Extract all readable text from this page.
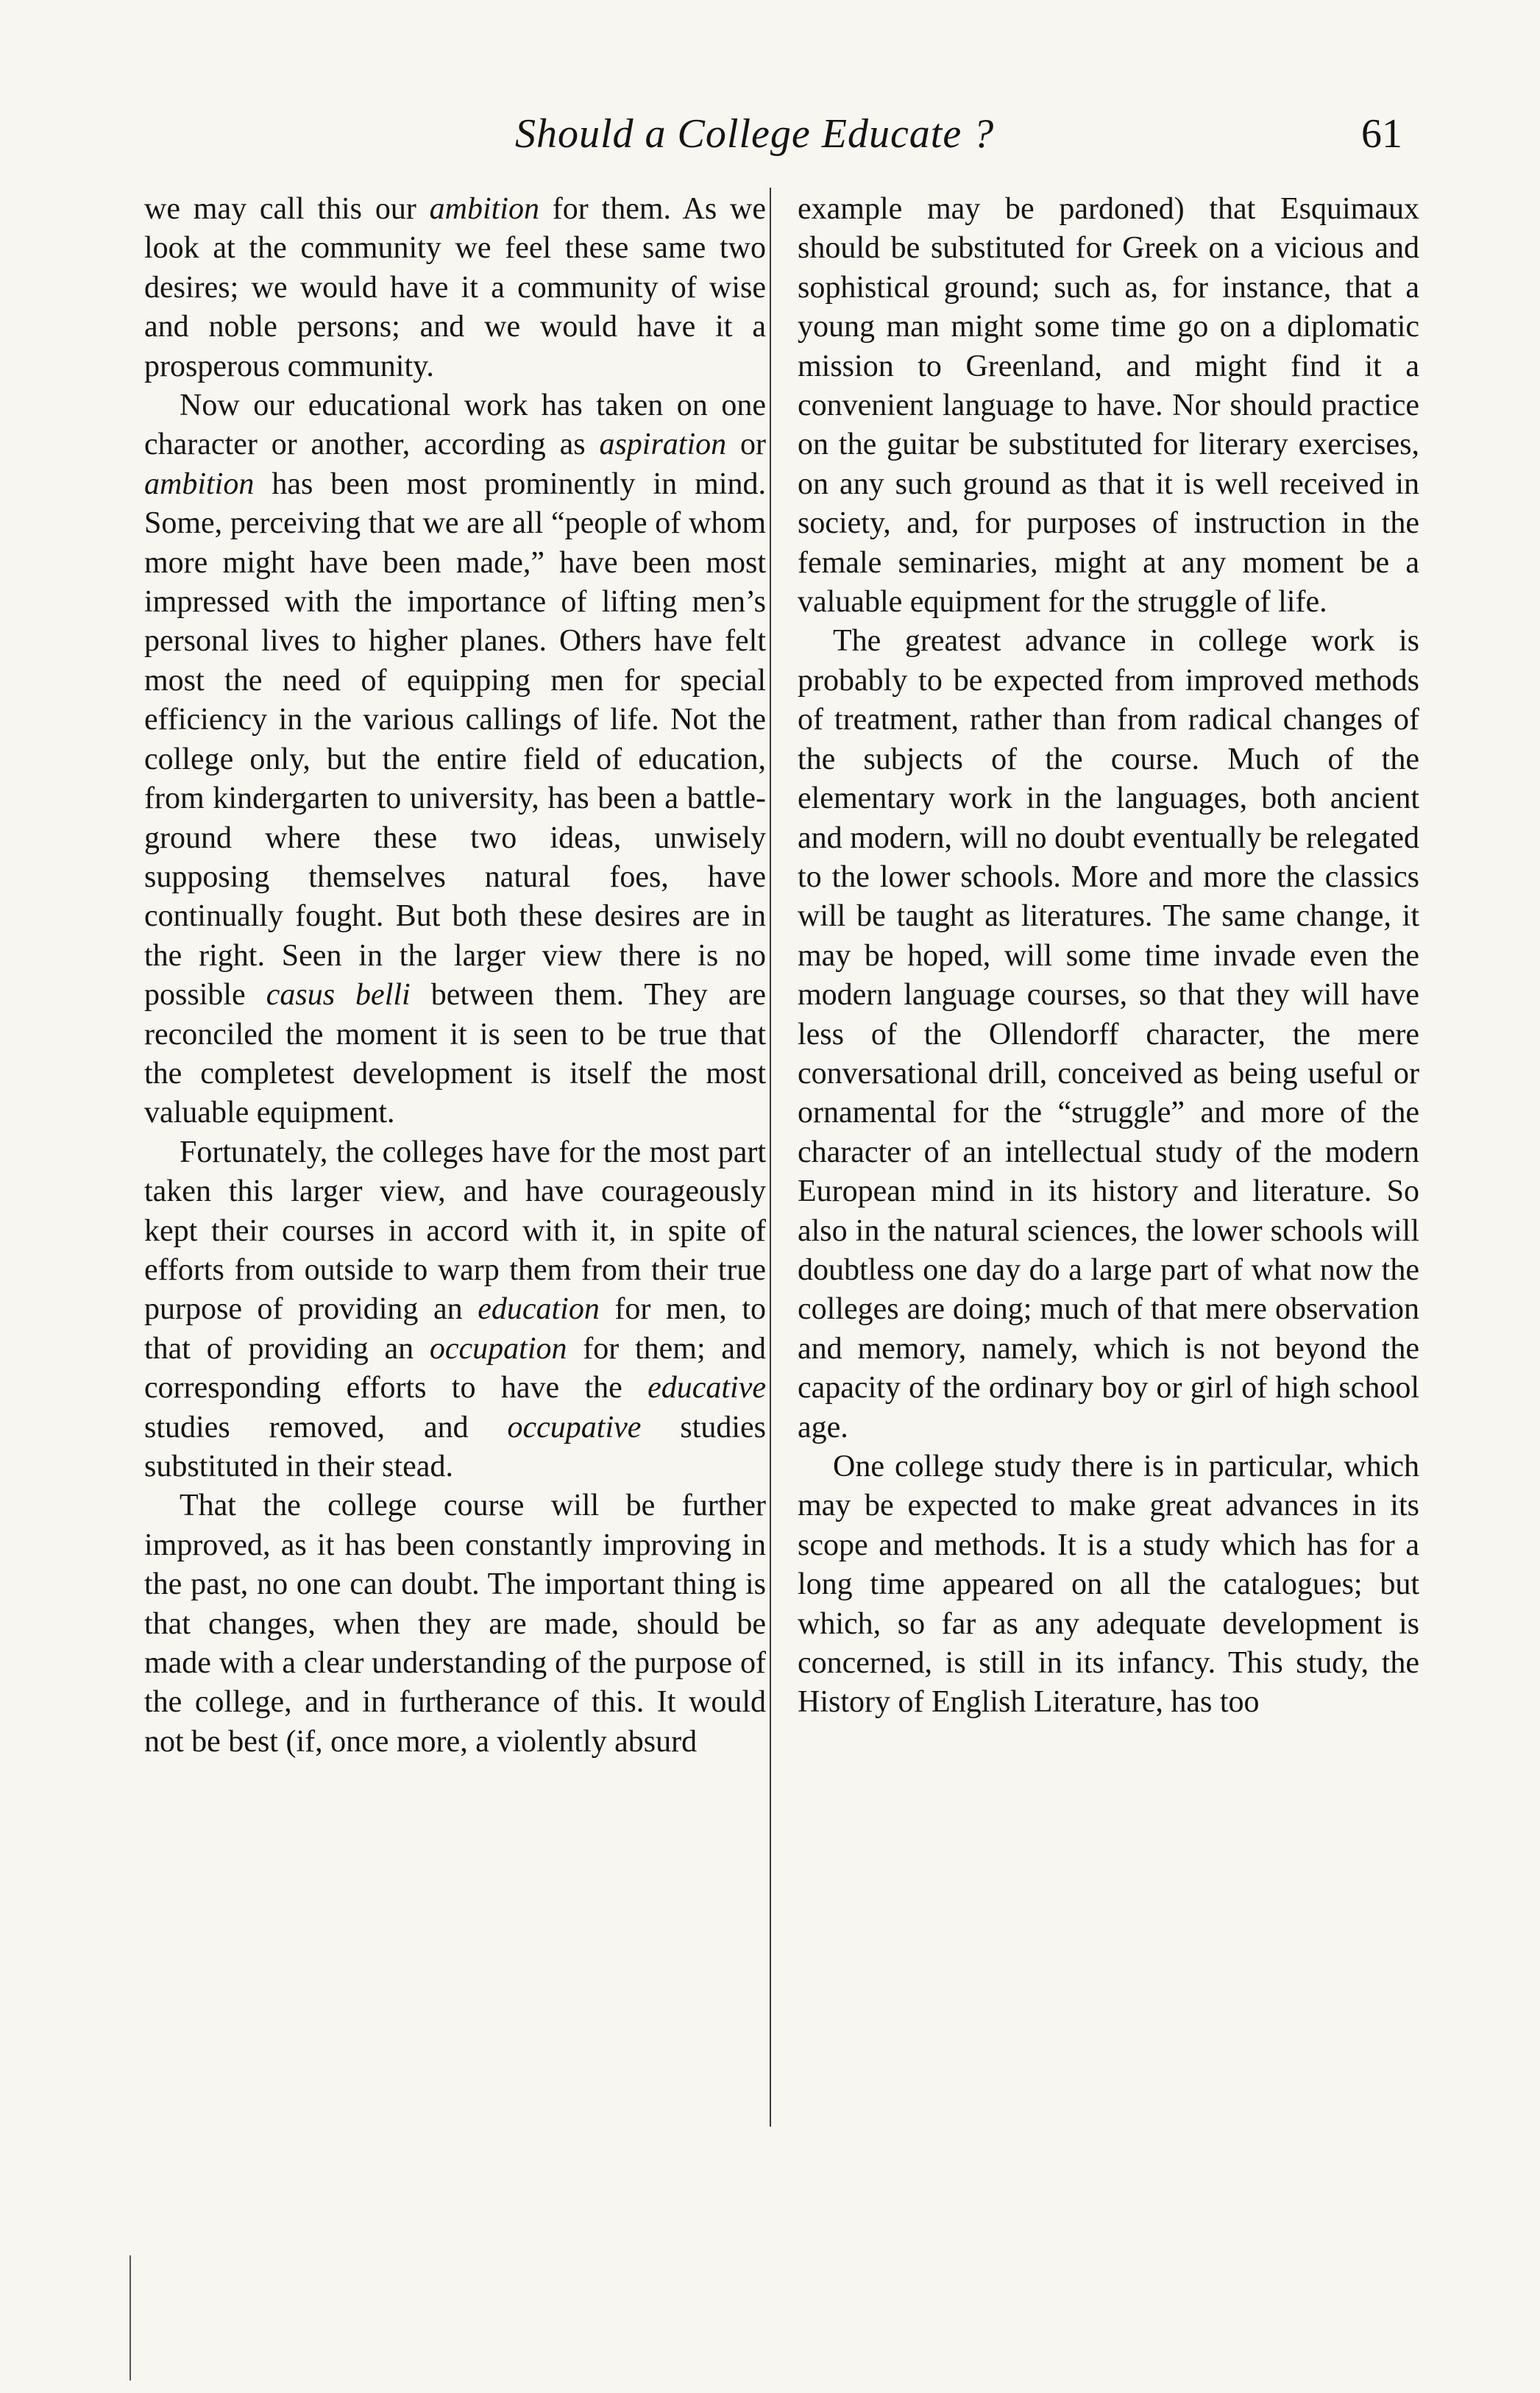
Should a College Educate ?	61

we may call this our ambition for them. As we look at the community we feel these same two desires; we would have it a community of wise and noble persons; and we would have it a prosperous community.

Now our educational work has taken on one character or another, according as aspiration or ambition has been most prominently in mind. Some, perceiving that we are all “people of whom more might have been made,” have been most impressed with the importance of lifting men’s personal lives to higher planes. Others have felt most the need of equipping men for special efficiency in the various callings of life. Not the college only, but the entire field of education, from kindergarten to university, has been a battle-ground where these two ideas, unwisely supposing themselves natural foes, have continually fought. But both these desires are in the right. Seen in the larger view there is no possible casus belli between them. They are reconciled the moment it is seen to be true that the completest development is itself the most valuable equipment.

Fortunately, the colleges have for the most part taken this larger view, and have courageously kept their courses in accord with it, in spite of efforts from outside to warp them from their true purpose of providing an education for men, to that of providing an occupation for them; and corresponding efforts to have the educative studies removed, and occupative studies substituted in their stead.

That the college course will be further improved, as it has been constantly improving in the past, no one can doubt. The important thing is that changes, when they are made, should be made with a clear understanding of the purpose of the college, and in furtherance of this. It would not be best (if, once more, a violently absurd

example may be pardoned) that Esquimaux should be substituted for Greek on a vicious and sophistical ground; such as, for instance, that a young man might some time go on a diplomatic mission to Greenland, and might find it a convenient language to have. Nor should practice on the guitar be substituted for literary exercises, on any such ground as that it is well received in society, and, for purposes of instruction in the female seminaries, might at any moment be a valuable equipment for the struggle of life.

The greatest advance in college work is probably to be expected from improved methods of treatment, rather than from radical changes of the subjects of the course. Much of the elementary work in the languages, both ancient and modern, will no doubt eventually be relegated to the lower schools. More and more the classics will be taught as literatures. The same change, it may be hoped, will some time invade even the modern language courses, so that they will have less of the Ollendorff character, the mere conversational drill, conceived as being useful or ornamental for the “struggle” and more of the character of an intellectual study of the modern European mind in its history and literature. So also in the natural sciences, the lower schools will doubtless one day do a large part of what now the colleges are doing; much of that mere observation and memory, namely, which is not beyond the capacity of the ordinary boy or girl of high school age.

One college study there is in particular, which may be expected to make great advances in its scope and methods. It is a study which has for a long time appeared on all the catalogues; but which, so far as any adequate development is concerned, is still in its infancy. This study, the History of English Literature, has too
